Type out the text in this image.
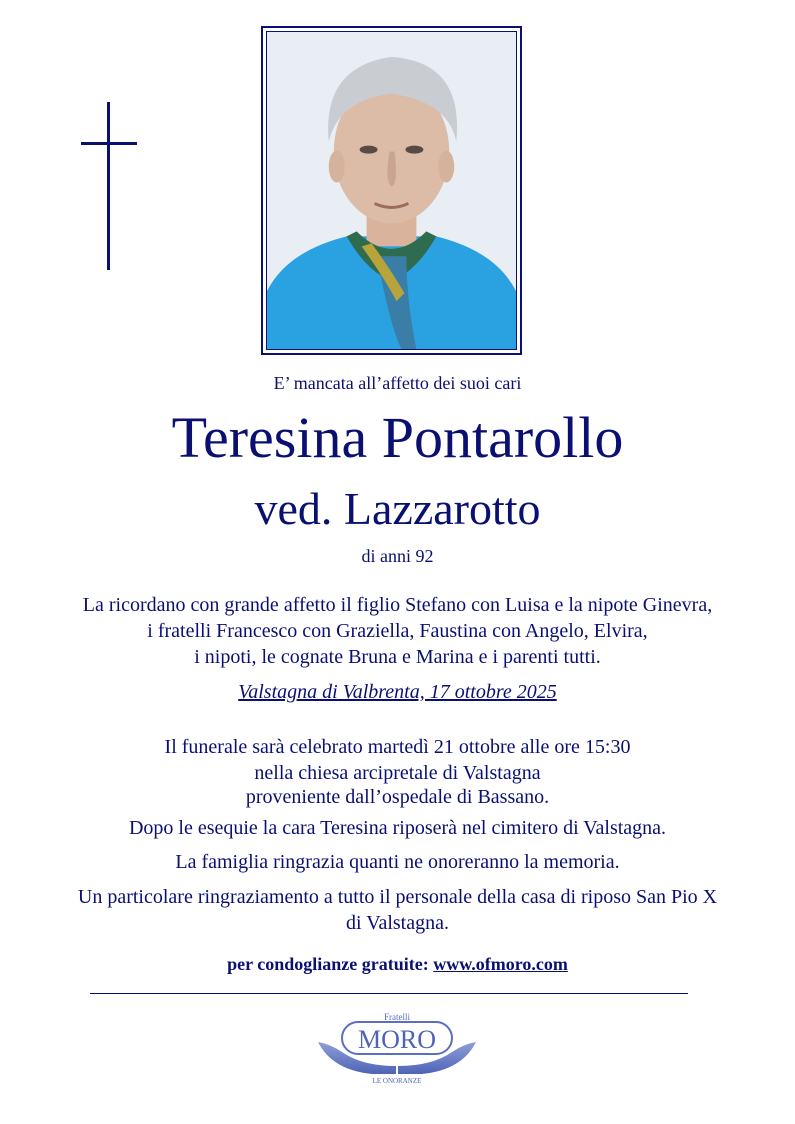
E’ mancata all’affetto dei suoi cari
Teresina Pontarollo
ved. Lazzarotto
di anni 92
La ricordano con grande affetto il figlio Stefano con Luisa e la nipote Ginevra,
i fratelli Francesco con Graziella, Faustina con Angelo, Elvira,
i nipoti, le cognate Bruna e Marina e i parenti tutti.
Valstagna di Valbrenta, 17 ottobre 2025
Il funerale sarà celebrato martedì 21 ottobre alle ore 15:30
nella chiesa arcipretale di Valstagna
proveniente dall’ospedale di Bassano.
Dopo le esequie la cara Teresina riposerà nel cimitero di Valstagna.
La famiglia ringrazia quanti ne onoreranno la memoria.
Un particolare ringraziamento a tutto il personale della casa di riposo San Pio X
di Valstagna.
per condoglianze gratuite: www.ofmoro.com
Fratelli
MORO
LE ONORANZE
